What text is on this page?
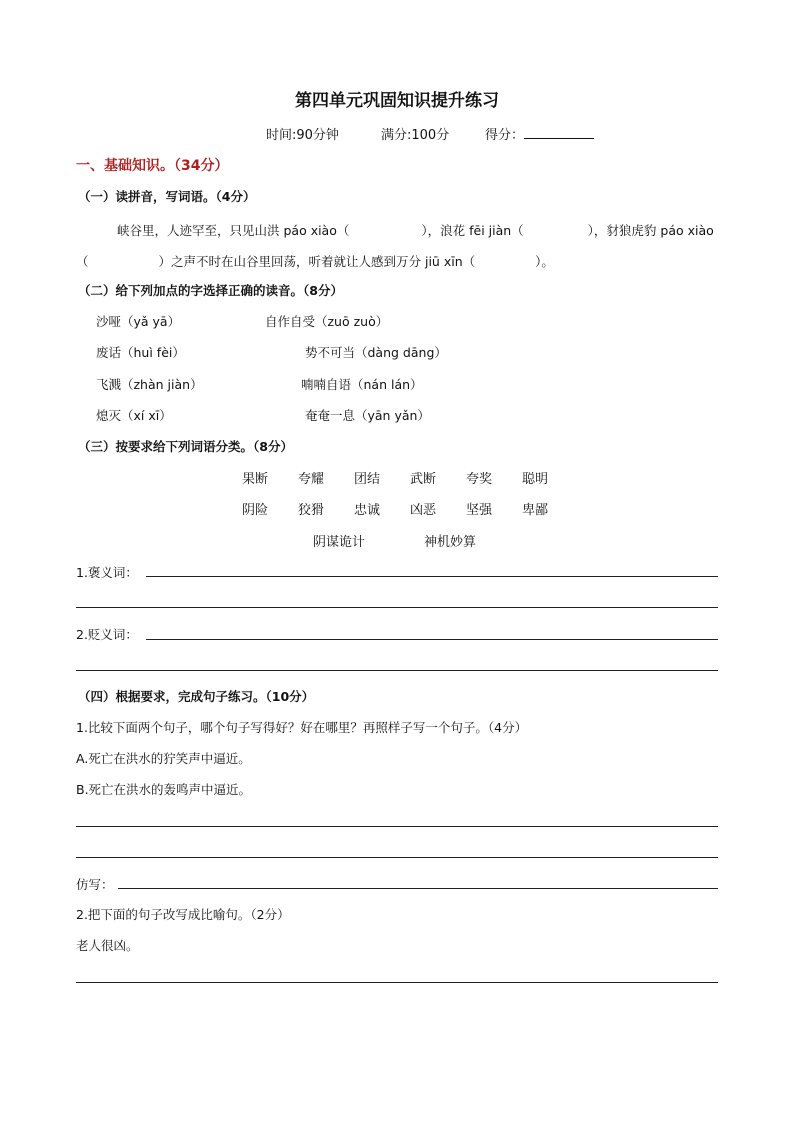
第四单元巩固知识提升练习
时间:90分钟	满分:100分	得分：
一、基础知识。（34分）
（一）读拼音，写词语。（4分）
峡谷里，人迹罕至，只见山洪 páo xiào（	），浪花 fēi jiàn（	），豺狼虎豹 páo xiào（	）之声不时在山谷里回荡，听着就让人感到万分 jiū xīn（	）。
（二）给下列加点的字选择正确的读音。（8分）
沙哑（yǎ yā）	自作自受（zuō zuò）
废话（huì fèi）	势不可当（dàng dāng）
飞溅（zhàn jiàn）	喃喃自语（nán lán）
熄灭（xí xī）	奄奄一息（yān yǎn）
（三）按要求给下列词语分类。（8分）
果断 夸耀 团结 武断 夸奖 聪明
阴险 狡猾 忠诚 凶恶 坚强 卑鄙
阴谋诡计	神机妙算
1.褒义词：
2.贬义词：
（四）根据要求，完成句子练习。（10分）
1.比较下面两个句子，哪个句子写得好？好在哪里？再照样子写一个句子。（4分）
A.死亡在洪水的狞笑声中逼近。
B.死亡在洪水的轰鸣声中逼近。
仿写：
2.把下面的句子改写成比喻句。（2分）
老人很凶。
